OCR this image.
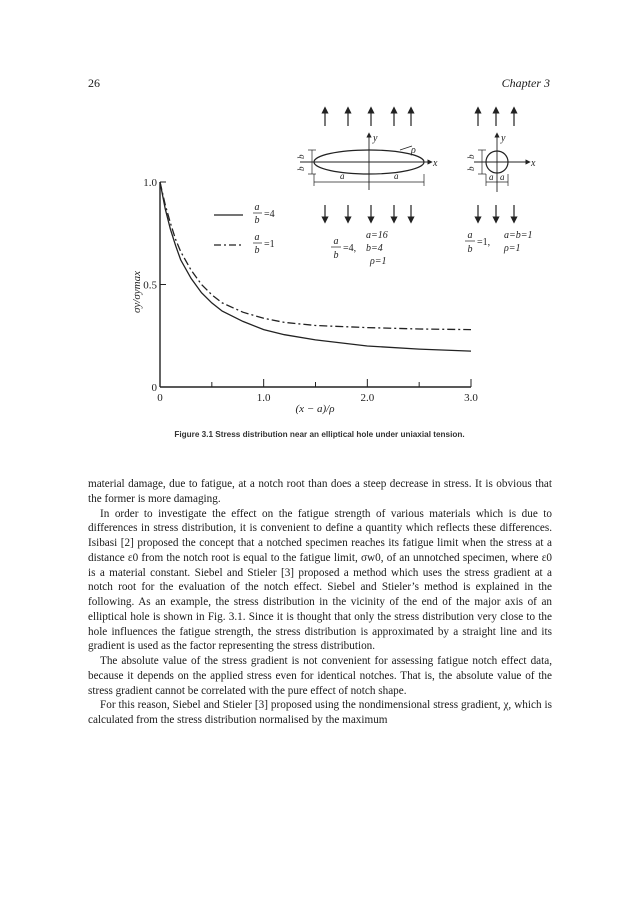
26	Chapter 3
0	1.0	2.0	3.0
0
0.5
1.0
(x − a)/ρ
σy/σymax
a
b
=4
a
b
=1
y
x
ρ
b
b
a	a
a
b
=4,
a=16
b=4
ρ=1
y
x
b
b
a a
a
b
=1,
a=b=1
ρ=1
Figure 3.1 Stress distribution near an elliptical hole under uniaxial tension.

material damage, due to fatigue, at a notch root than does a steep decrease in stress. It is obvious that the former is more damaging.

In order to investigate the effect on the fatigue strength of various materials which is due to differences in stress distribution, it is convenient to define a quantity which reflects these differences. Isibasi [2] proposed the concept that a notched specimen reaches its fatigue limit when the stress at a distance ε0 from the notch root is equal to the fatigue limit, σw0, of an unnotched specimen, where ε0 is a material constant. Siebel and Stieler [3] proposed a method which uses the stress gradient at a notch root for the evaluation of the notch effect. Siebel and Stieler’s method is explained in the following. As an example, the stress distribution in the vicinity of the end of the major axis of an elliptical hole is shown in Fig. 3.1. Since it is thought that only the stress distribution very close to the hole influences the fatigue strength, the stress distribution is approximated by a straight line and its gradient is used as the factor representing the stress distribution.

The absolute value of the stress gradient is not convenient for assessing fatigue notch effect data, because it depends on the applied stress even for identical notches. That is, the absolute value of the stress gradient cannot be correlated with the pure effect of notch shape.

For this reason, Siebel and Stieler [3] proposed using the nondimensional stress gradient, χ, which is calculated from the stress distribution normalised by the maximum
